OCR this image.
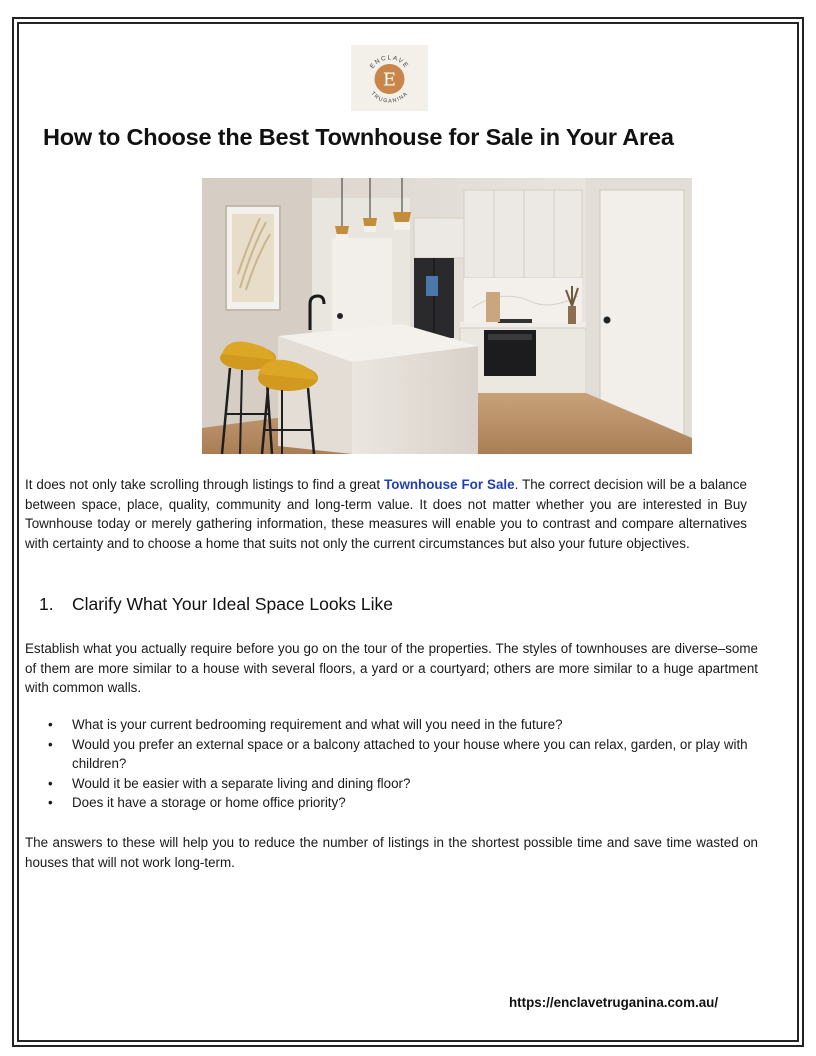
E
ENCLAVE
TRUGANINA
How to Choose the Best Townhouse for Sale in Your Area

It does not only take scrolling through listings to find a great Townhouse For Sale. The correct decision will be a balance between space, place, quality, community and long-term value. It does not matter whether you are interested in Buy Townhouse today or merely gathering information, these measures will enable you to contrast and compare alternatives with certainty and to choose a home that suits not only the current circumstances but also your future objectives.

1. Clarify What Your Ideal Space Looks Like

Establish what you actually require before you go on the tour of the properties. The styles of townhouses are diverse–some of them are more similar to a house with several floors, a yard or a courtyard; others are more similar to a huge apartment with common walls.

• What is your current bedrooming requirement and what will you need in the future?
• Would you prefer an external space or a balcony attached to your house where you can relax, garden, or play with children?
• Would it be easier with a separate living and dining floor?
• Does it have a storage or home office priority?

The answers to these will help you to reduce the number of listings in the shortest possible time and save time wasted on houses that will not work long-term.

https://enclavetruganina.com.au/
